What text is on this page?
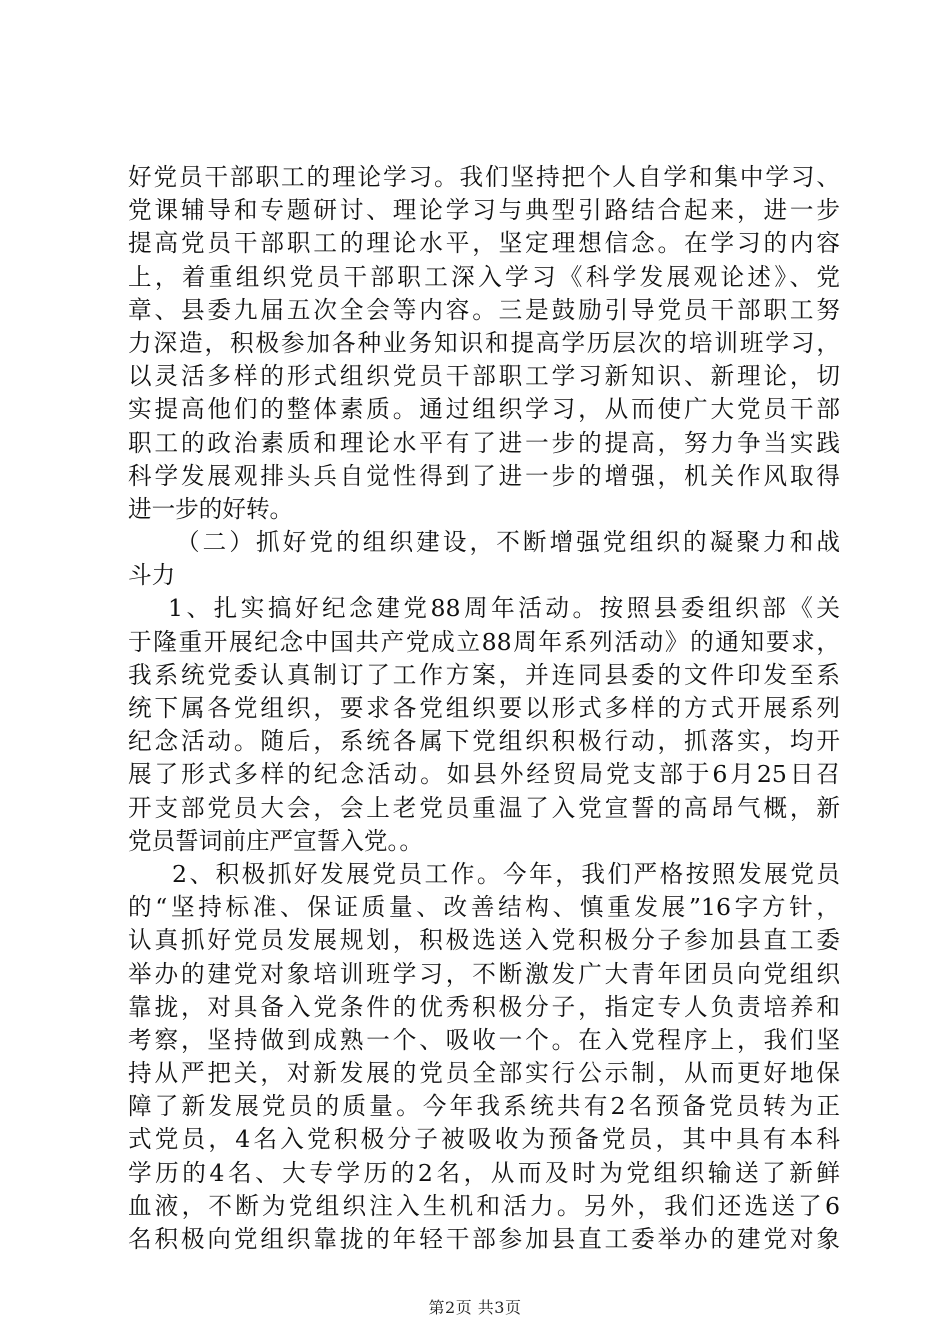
好党员干部职工的理论学习。我们坚持把个人自学和集中学习、
党课辅导和专题研讨、理论学习与典型引路结合起来，进一步
提高党员干部职工的理论水平，坚定理想信念。在学习的内容
上，着重组织党员干部职工深入学习《科学发展观论述》、党
章、县委九届五次全会等内容。三是鼓励引导党员干部职工努
力深造，积极参加各种业务知识和提高学历层次的培训班学习，
以灵活多样的形式组织党员干部职工学习新知识、新理论，切
实提高他们的整体素质。通过组织学习，从而使广大党员干部
职工的政治素质和理论水平有了进一步的提高，努力争当实践
科学发展观排头兵自觉性得到了进一步的增强，机关作风取得
进一步的好转。
（二）抓好党的组织建设，不断增强党组织的凝聚力和战
斗力
1、扎实搞好纪念建党88周年活动。按照县委组织部《关
于隆重开展纪念中国共产党成立88周年系列活动》的通知要求，
我系统党委认真制订了工作方案，并连同县委的文件印发至系
统下属各党组织，要求各党组织要以形式多样的方式开展系列
纪念活动。随后，系统各属下党组织积极行动，抓落实，均开
展了形式多样的纪念活动。如县外经贸局党支部于6月25日召
开支部党员大会，会上老党员重温了入党宣誓的高昂气概，新
党员誓词前庄严宣誓入党。。
2、积极抓好发展党员工作。今年，我们严格按照发展党员
的“坚持标准、保证质量、改善结构、慎重发展”16字方针，
认真抓好党员发展规划，积极选送入党积极分子参加县直工委
举办的建党对象培训班学习，不断激发广大青年团员向党组织
靠拢，对具备入党条件的优秀积极分子，指定专人负责培养和
考察，坚持做到成熟一个、吸收一个。在入党程序上，我们坚
持从严把关，对新发展的党员全部实行公示制，从而更好地保
障了新发展党员的质量。今年我系统共有2名预备党员转为正
式党员，4名入党积极分子被吸收为预备党员，其中具有本科
学历的4名、大专学历的2名，从而及时为党组织输送了新鲜
血液，不断为党组织注入生机和活力。另外，我们还选送了6
名积极向党组织靠拢的年轻干部参加县直工委举办的建党对象
第2页 共3页
